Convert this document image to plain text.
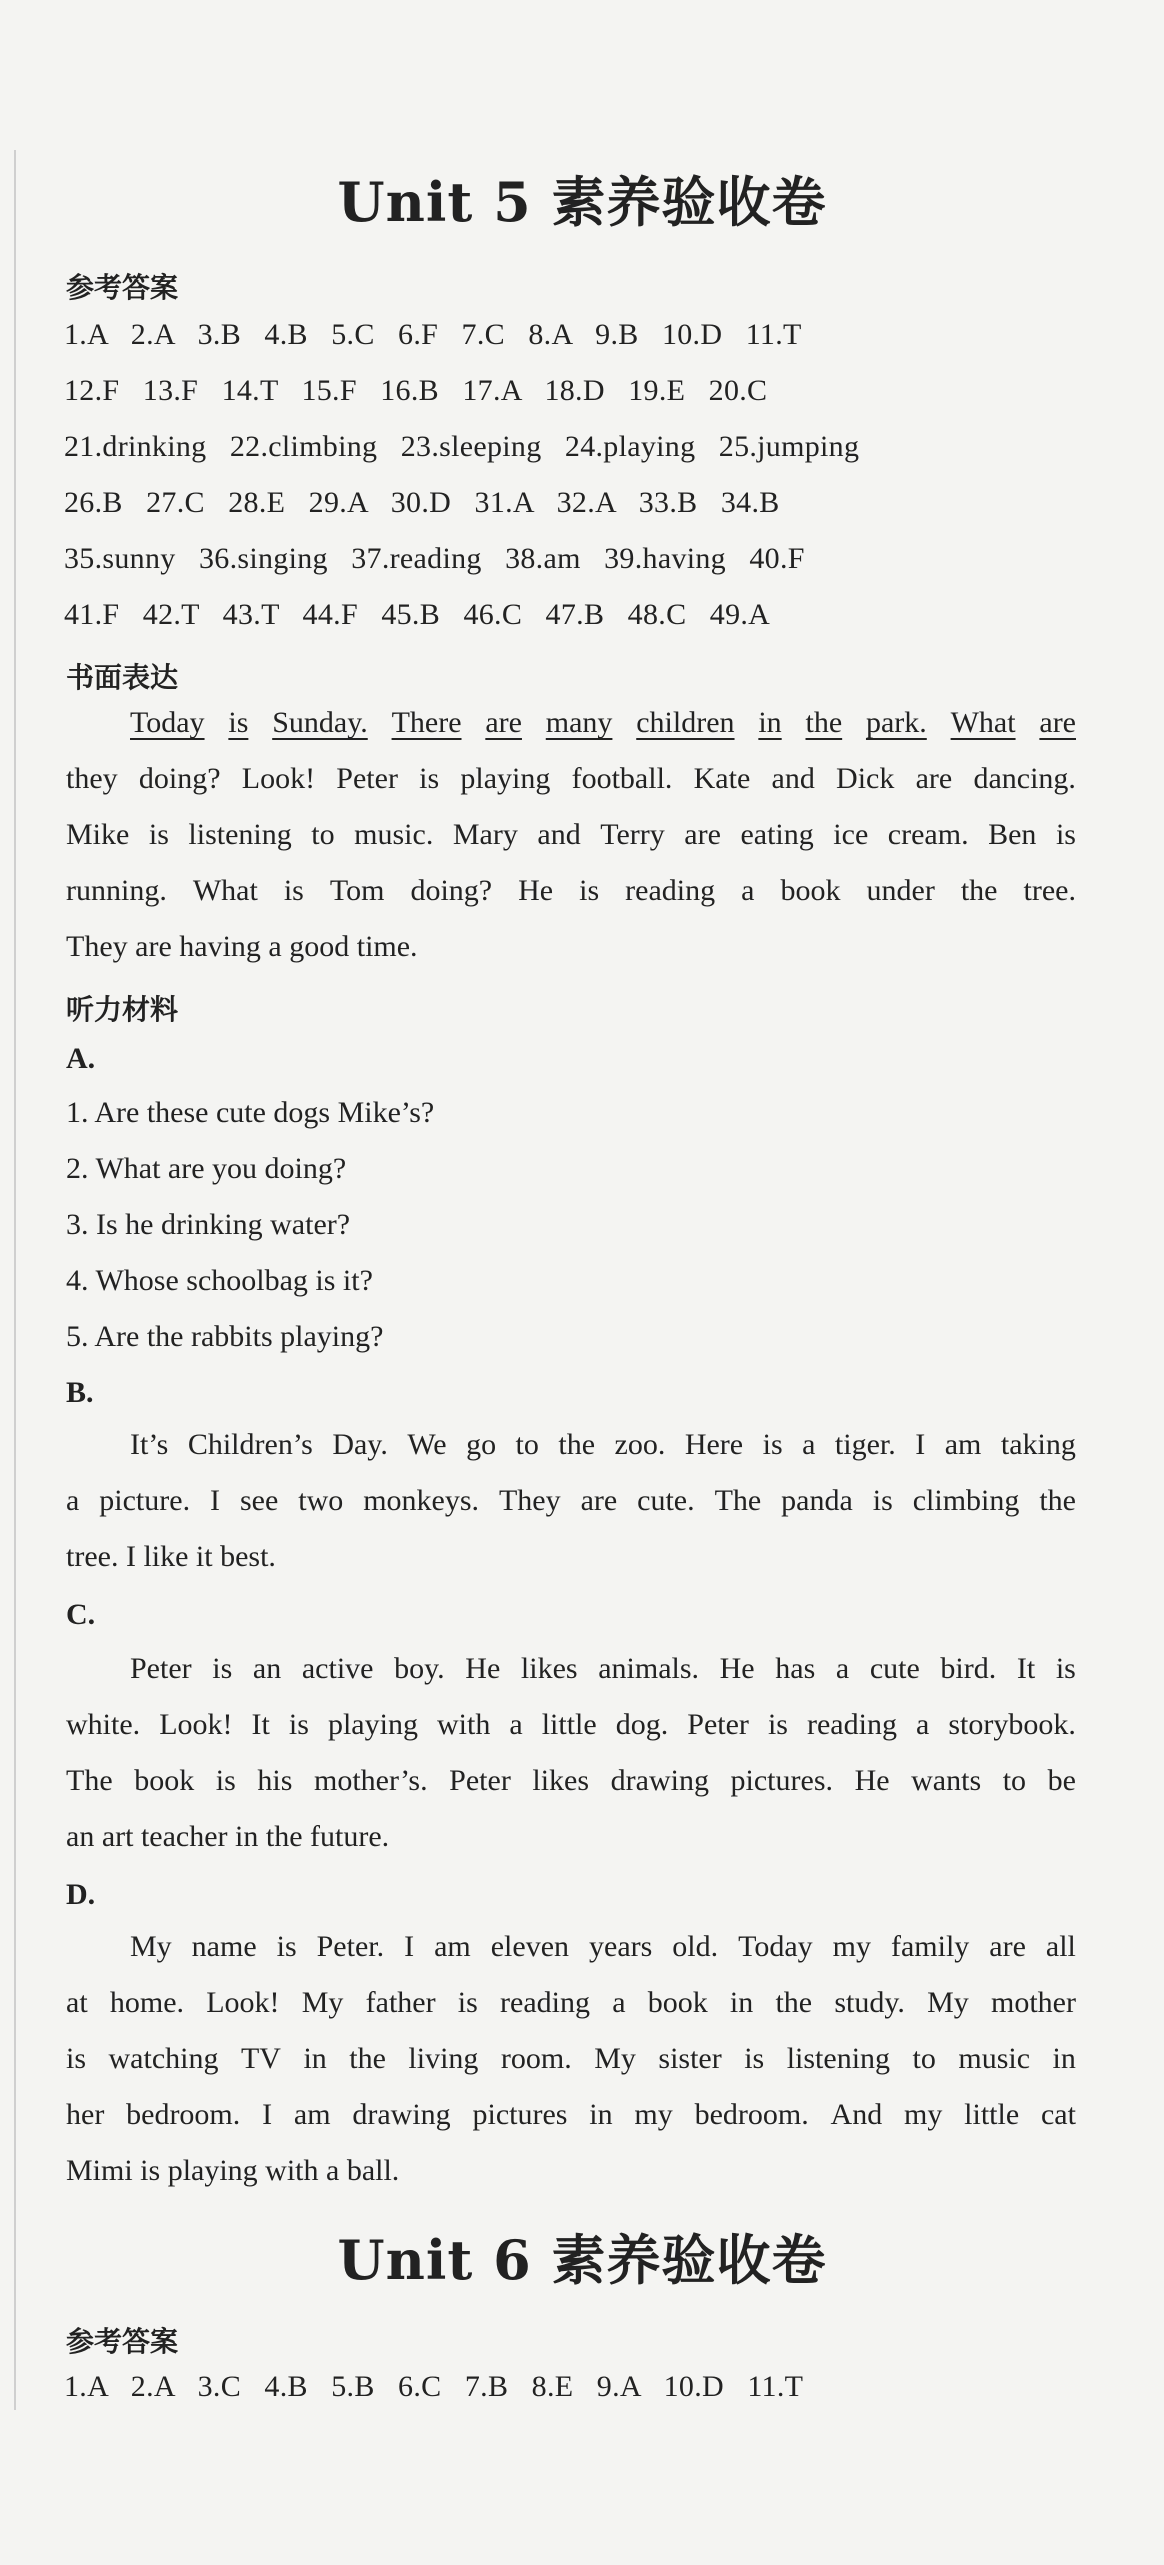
Unit 5 素养验收卷
参考答案
1.A   2.A   3.B   4.B   5.C   6.F   7.C   8.A   9.B   10.D   11.T
12.F   13.F   14.T   15.F   16.B   17.A   18.D   19.E   20.C
21.drinking   22.climbing   23.sleeping   24.playing   25.jumping
26.B   27.C   28.E   29.A   30.D   31.A   32.A   33.B   34.B
35.sunny   36.singing   37.reading   38.am   39.having   40.F
41.F   42.T   43.T   44.F   45.B   46.C   47.B   48.C   49.A
书面表达
Today is Sunday. There are many children in the park. What are
they doing? Look! Peter is playing football. Kate and Dick are dancing.
Mike is listening to music. Mary and Terry are eating ice cream. Ben is
running. What is Tom doing? He is reading a book under the tree.
They are having a good time.
听力材料
A.
1. Are these cute dogs Mike’s?
2. What are you doing?
3. Is he drinking water?
4. Whose schoolbag is it?
5. Are the rabbits playing?
B.
It’s Children’s Day. We go to the zoo. Here is a tiger. I am taking
a picture. I see two monkeys. They are cute. The panda is climbing the
tree. I like it best.
C.
Peter is an active boy. He likes animals. He has a cute bird. It is
white. Look! It is playing with a little dog. Peter is reading a storybook.
The book is his mother’s. Peter likes drawing pictures. He wants to be
an art teacher in the future.
D.
My name is Peter. I am eleven years old. Today my family are all
at home. Look! My father is reading a book in the study. My mother
is watching TV in the living room. My sister is listening to music in
her bedroom. I am drawing pictures in my bedroom. And my little cat
Mimi is playing with a ball.
Unit 6 素养验收卷
参考答案
1.A   2.A   3.C   4.B   5.B   6.C   7.B   8.E   9.A   10.D   11.T
